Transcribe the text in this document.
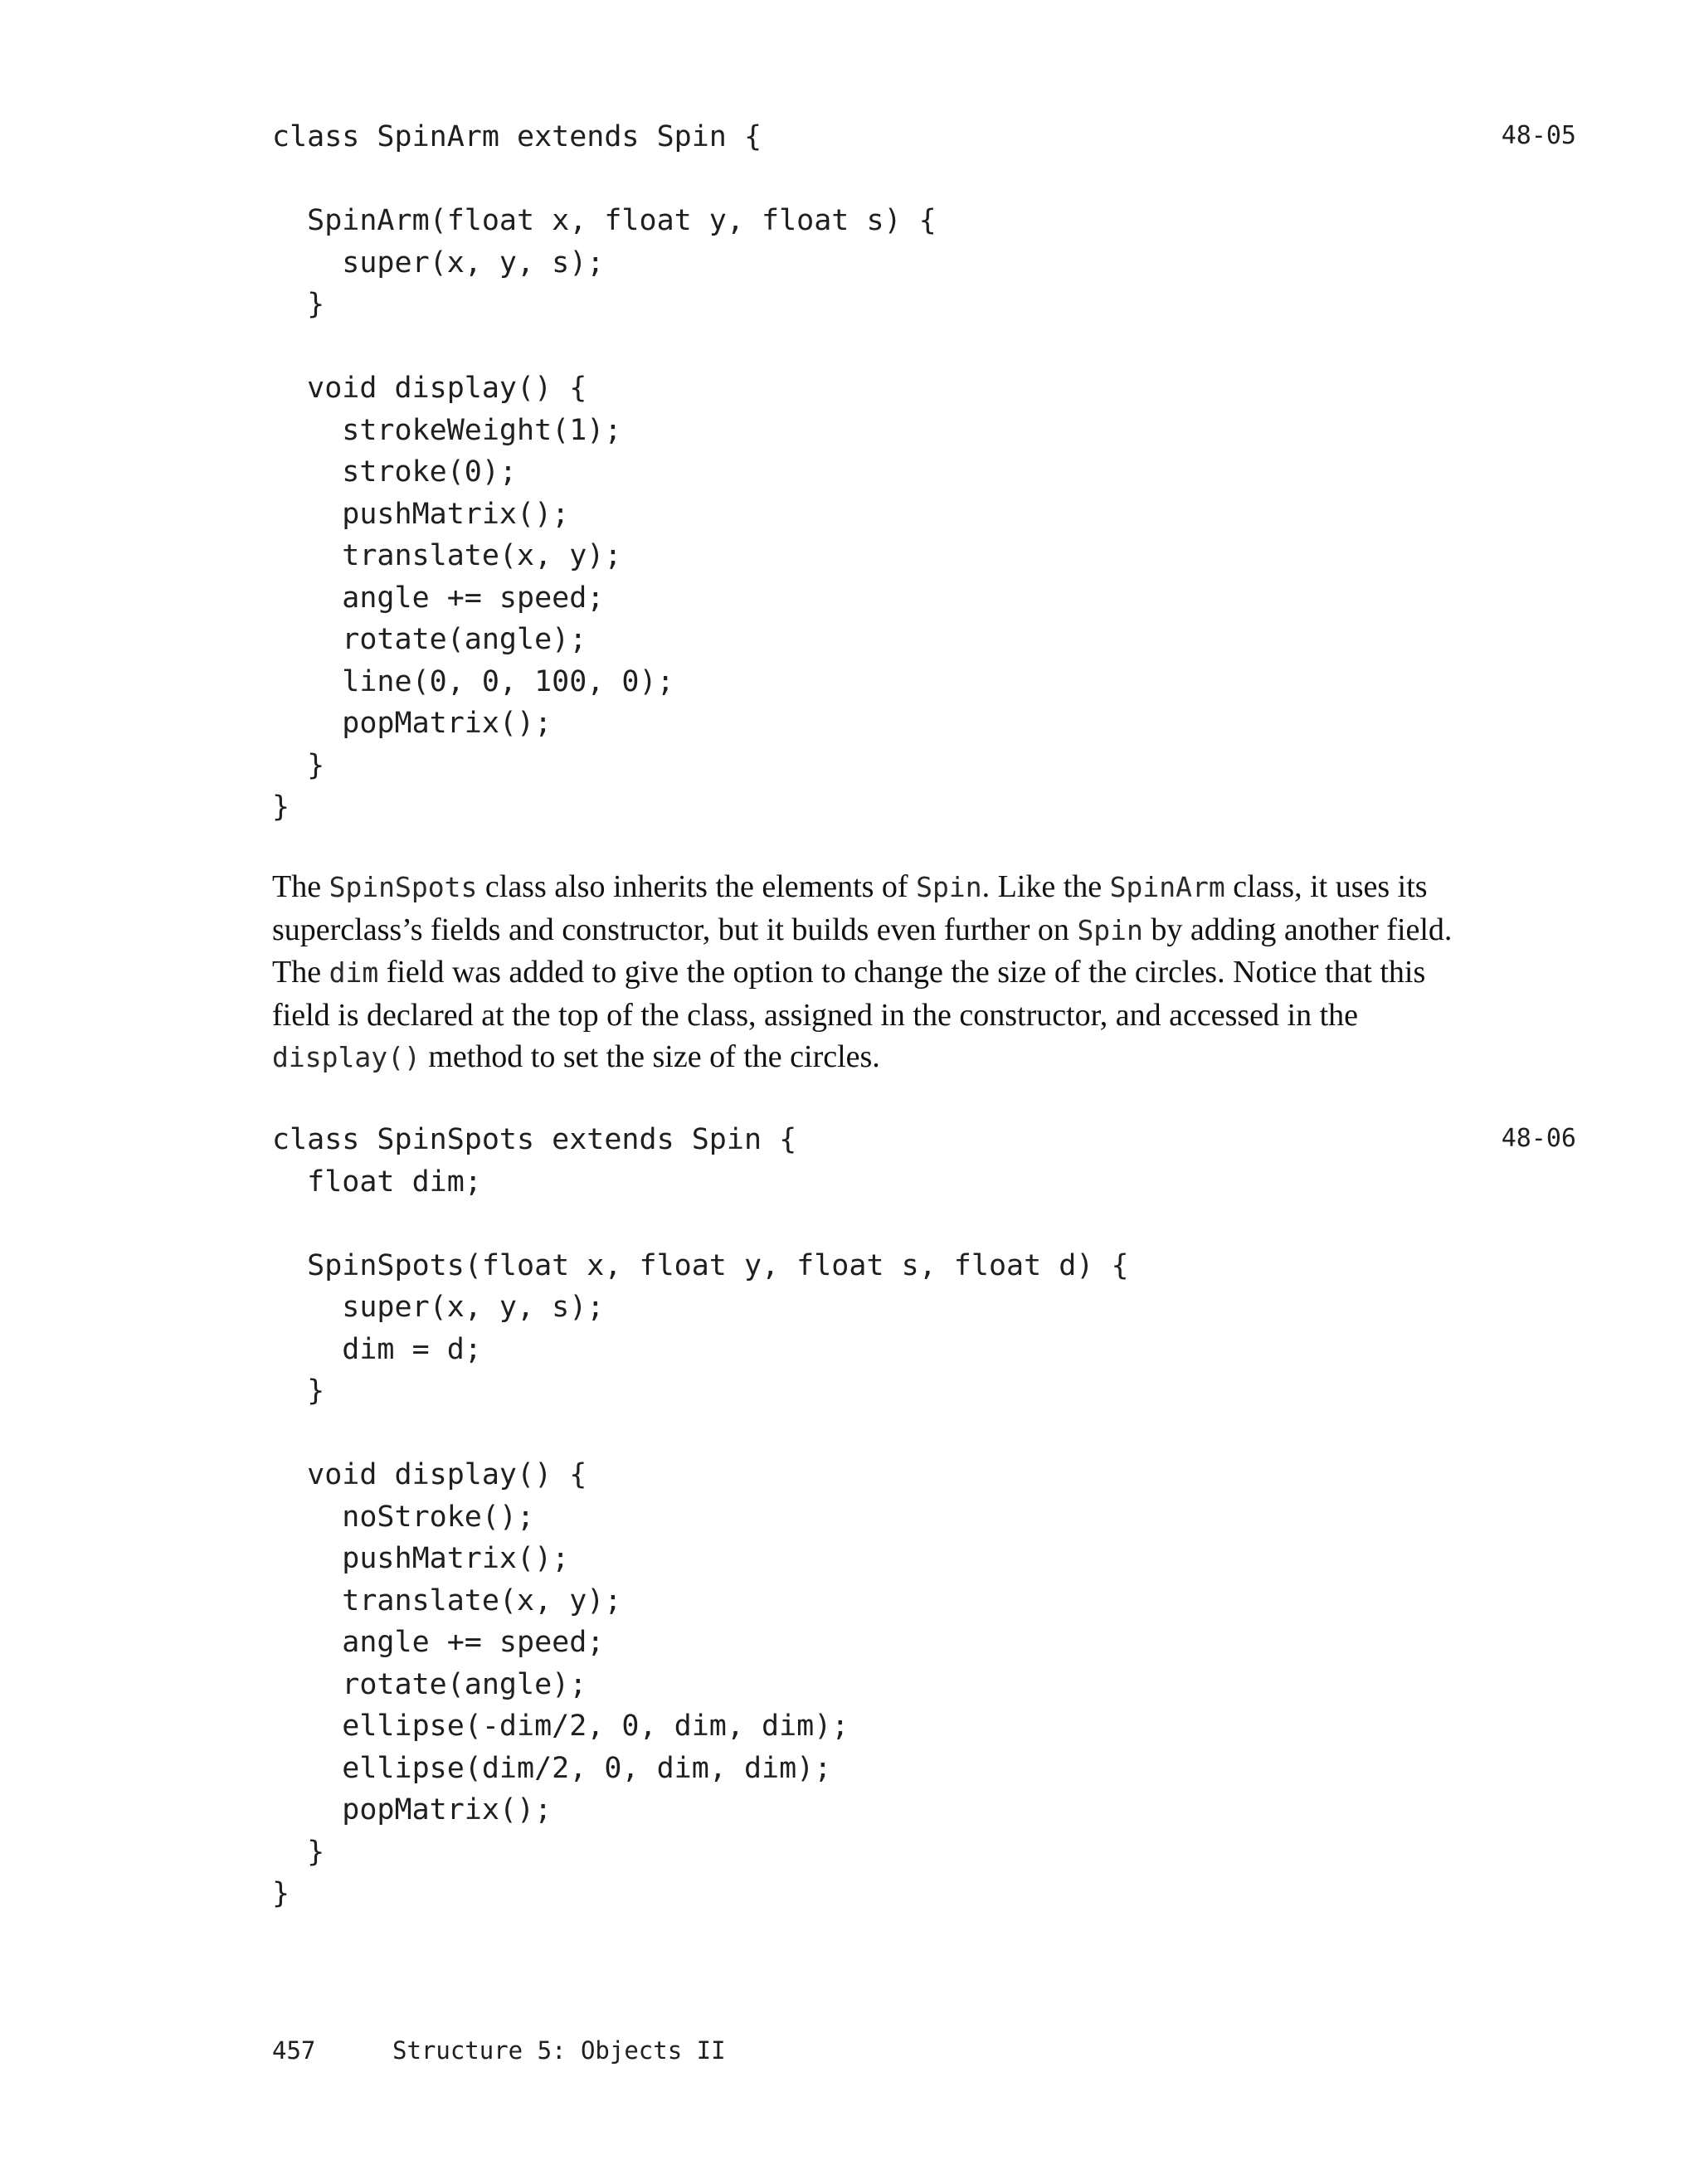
48-05
class SpinArm extends Spin {
SpinArm(float x, float y, float s) {
super(x, y, s);
}
void display() {
strokeWeight(1);
stroke(0);
pushMatrix();
translate(x, y);
angle += speed;
rotate(angle);
line(0, 0, 100, 0);
popMatrix();
}
}

The SpinSpots class also inherits the elements of Spin. Like the SpinArm class, it uses its superclass’s fields and constructor, but it builds even further on Spin by adding another field. The dim field was added to give the option to change the size of the circles. Notice that this field is declared at the top of the class, assigned in the constructor, and accessed in the display() method to set the size of the circles.

48-06
class SpinSpots extends Spin {
float dim;
SpinSpots(float x, float y, float s, float d) {
super(x, y, s);
dim = d;
}
void display() {
noStroke();
pushMatrix();
translate(x, y);
angle += speed;
rotate(angle);
ellipse(-dim/2, 0, dim, dim);
ellipse(dim/2, 0, dim, dim);
popMatrix();
}
}
457	Structure 5: Objects II
